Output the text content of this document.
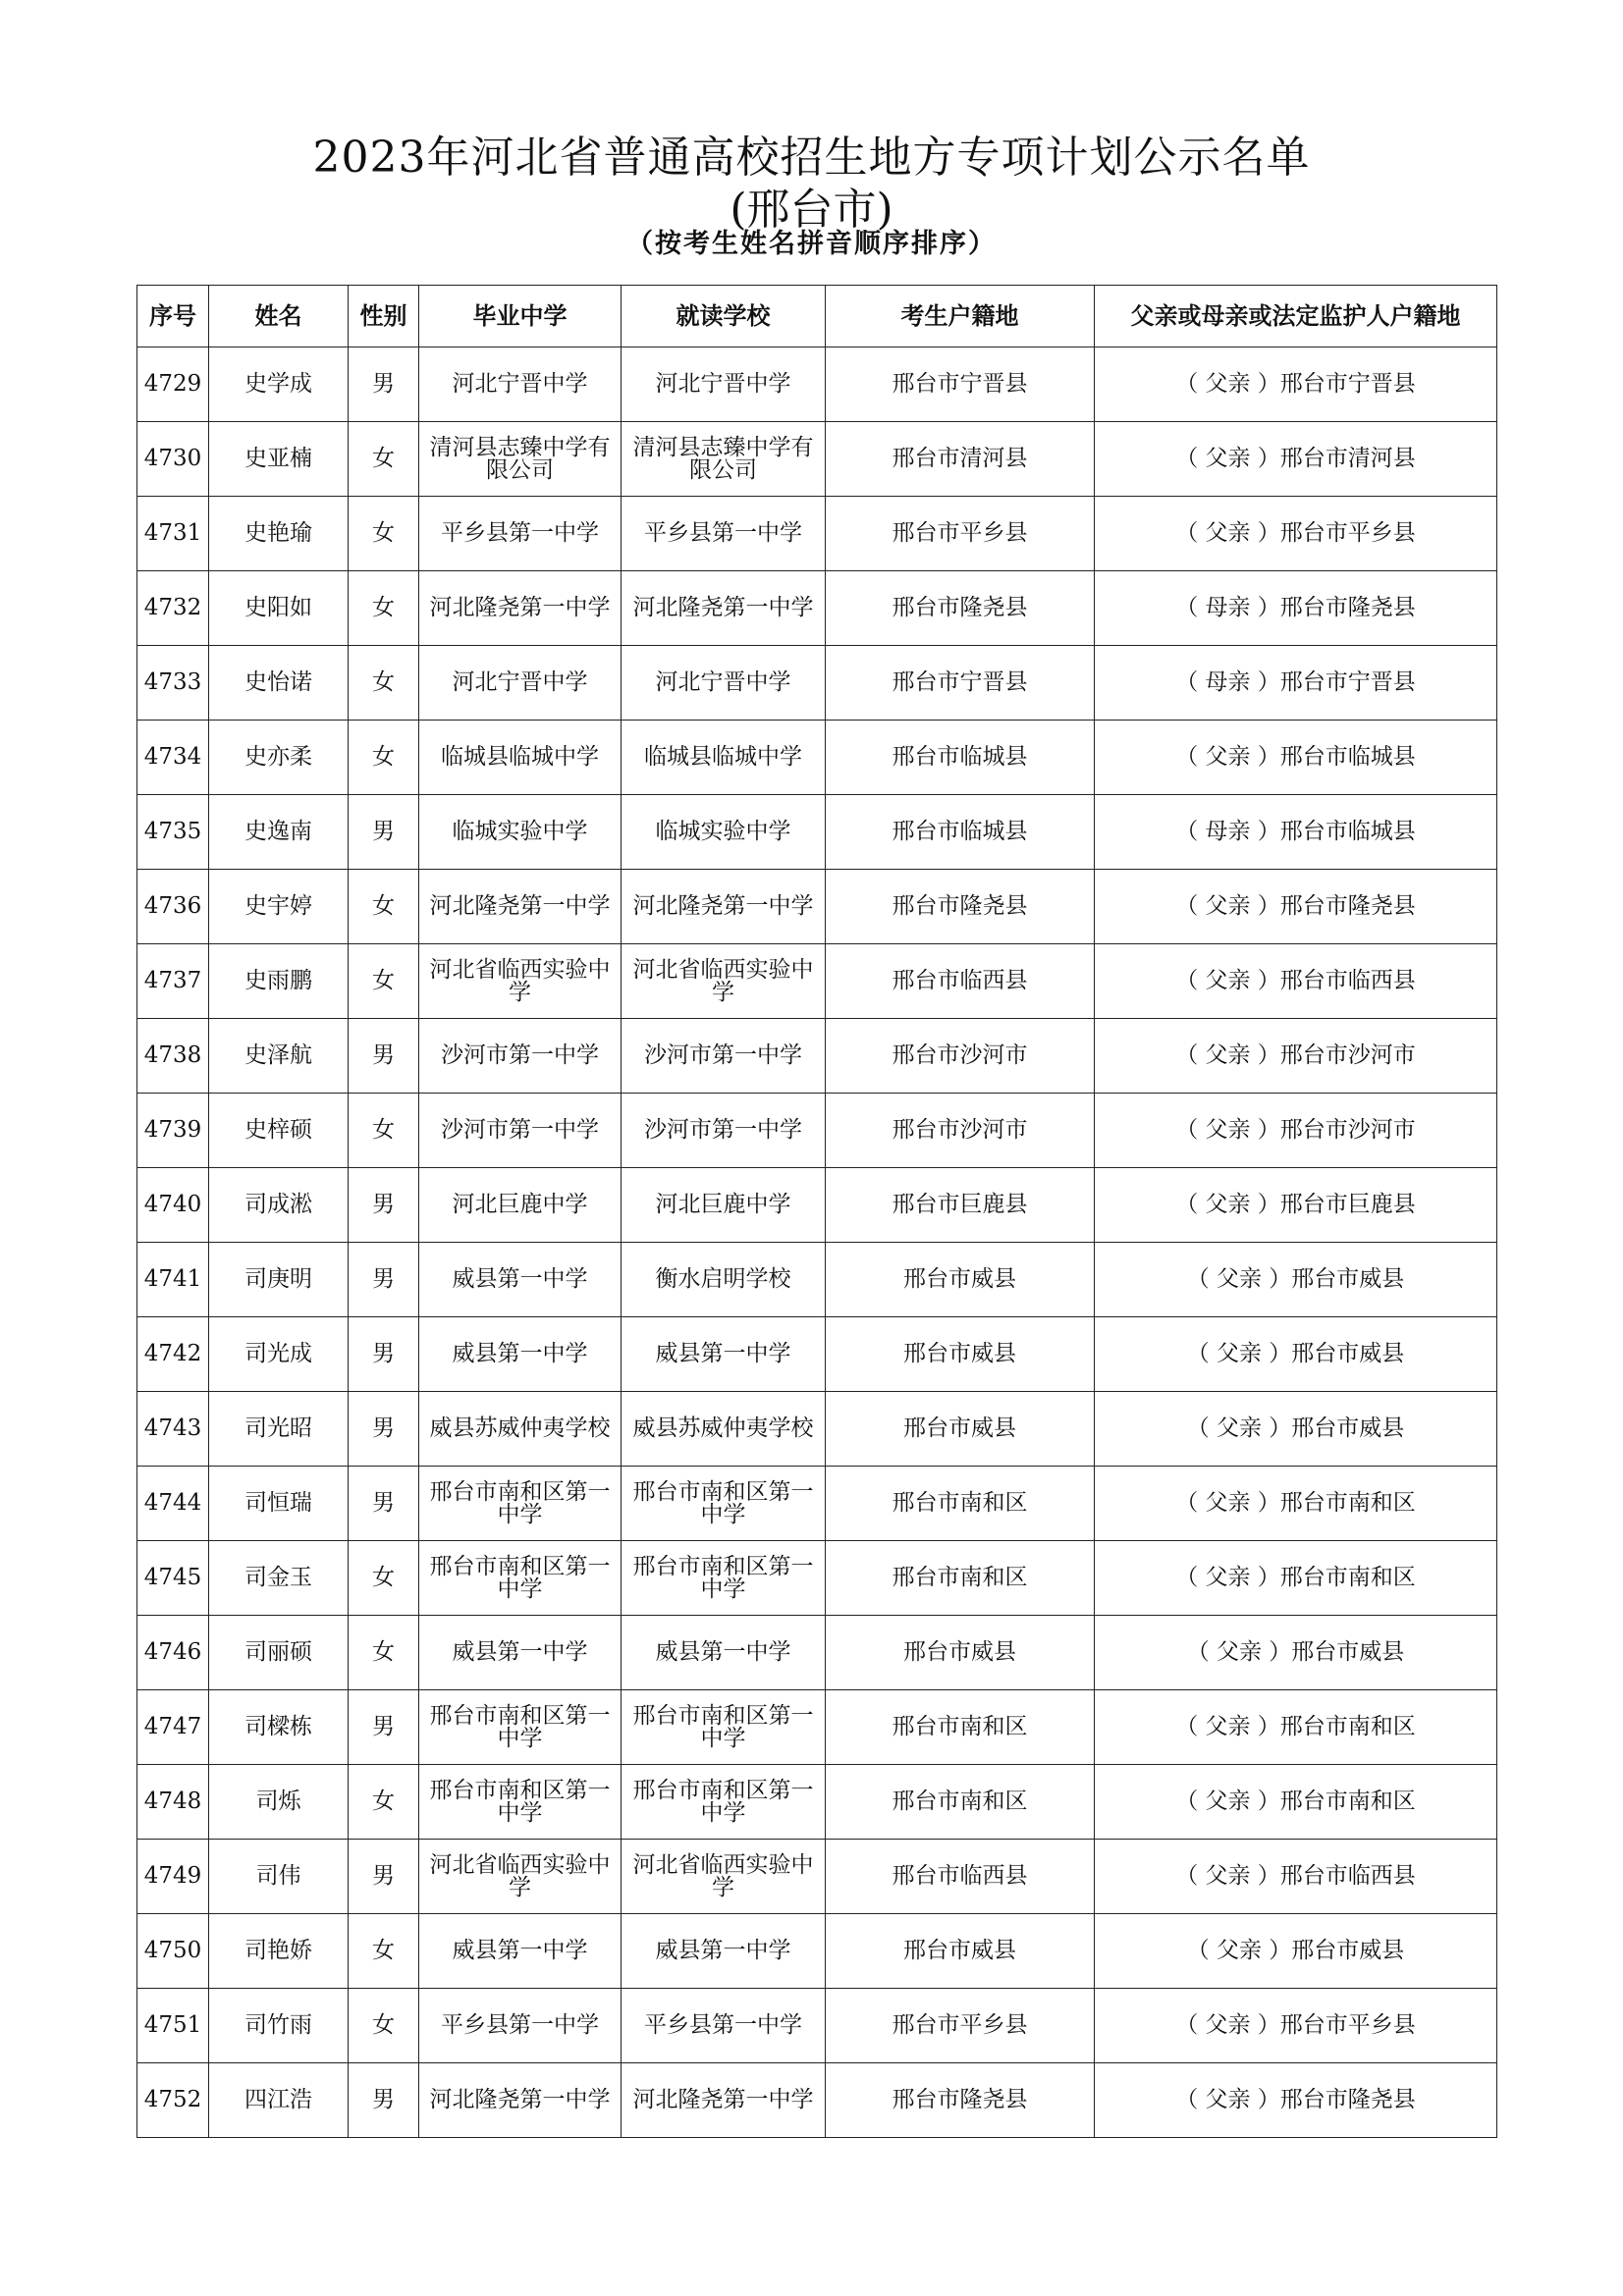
2023年河北省普通高校招生地方专项计划公示名单
(邢台市)
（按考生姓名拼音顺序排序）
序号	姓名	性别	毕业中学	就读学校	考生户籍地	父亲或母亲或法定监护人户籍地
4729	史学成	男	河北宁晋中学	河北宁晋中学	邢台市宁晋县	（ 父亲 ）邢台市宁晋县
4730	史亚楠	女	清河县志臻中学有限公司	清河县志臻中学有限公司	邢台市清河县	（ 父亲 ）邢台市清河县
4731	史艳瑜	女	平乡县第一中学	平乡县第一中学	邢台市平乡县	（ 父亲 ）邢台市平乡县
4732	史阳如	女	河北隆尧第一中学	河北隆尧第一中学	邢台市隆尧县	（ 母亲 ）邢台市隆尧县
4733	史怡诺	女	河北宁晋中学	河北宁晋中学	邢台市宁晋县	（ 母亲 ）邢台市宁晋县
4734	史亦柔	女	临城县临城中学	临城县临城中学	邢台市临城县	（ 父亲 ）邢台市临城县
4735	史逸南	男	临城实验中学	临城实验中学	邢台市临城县	（ 母亲 ）邢台市临城县
4736	史宇婷	女	河北隆尧第一中学	河北隆尧第一中学	邢台市隆尧县	（ 父亲 ）邢台市隆尧县
4737	史雨鹏	女	河北省临西实验中学	河北省临西实验中学	邢台市临西县	（ 父亲 ）邢台市临西县
4738	史泽航	男	沙河市第一中学	沙河市第一中学	邢台市沙河市	（ 父亲 ）邢台市沙河市
4739	史梓硕	女	沙河市第一中学	沙河市第一中学	邢台市沙河市	（ 父亲 ）邢台市沙河市
4740	司成淞	男	河北巨鹿中学	河北巨鹿中学	邢台市巨鹿县	（ 父亲 ）邢台市巨鹿县
4741	司庚明	男	威县第一中学	衡水启明学校	邢台市威县	（ 父亲 ）邢台市威县
4742	司光成	男	威县第一中学	威县第一中学	邢台市威县	（ 父亲 ）邢台市威县
4743	司光昭	男	威县苏威仲夷学校	威县苏威仲夷学校	邢台市威县	（ 父亲 ）邢台市威县
4744	司恒瑞	男	邢台市南和区第一中学	邢台市南和区第一中学	邢台市南和区	（ 父亲 ）邢台市南和区
4745	司金玉	女	邢台市南和区第一中学	邢台市南和区第一中学	邢台市南和区	（ 父亲 ）邢台市南和区
4746	司丽硕	女	威县第一中学	威县第一中学	邢台市威县	（ 父亲 ）邢台市威县
4747	司樑栋	男	邢台市南和区第一中学	邢台市南和区第一中学	邢台市南和区	（ 父亲 ）邢台市南和区
4748	司烁	女	邢台市南和区第一中学	邢台市南和区第一中学	邢台市南和区	（ 父亲 ）邢台市南和区
4749	司伟	男	河北省临西实验中学	河北省临西实验中学	邢台市临西县	（ 父亲 ）邢台市临西县
4750	司艳娇	女	威县第一中学	威县第一中学	邢台市威县	（ 父亲 ）邢台市威县
4751	司竹雨	女	平乡县第一中学	平乡县第一中学	邢台市平乡县	（ 父亲 ）邢台市平乡县
4752	四江浩	男	河北隆尧第一中学	河北隆尧第一中学	邢台市隆尧县	（ 父亲 ）邢台市隆尧县
